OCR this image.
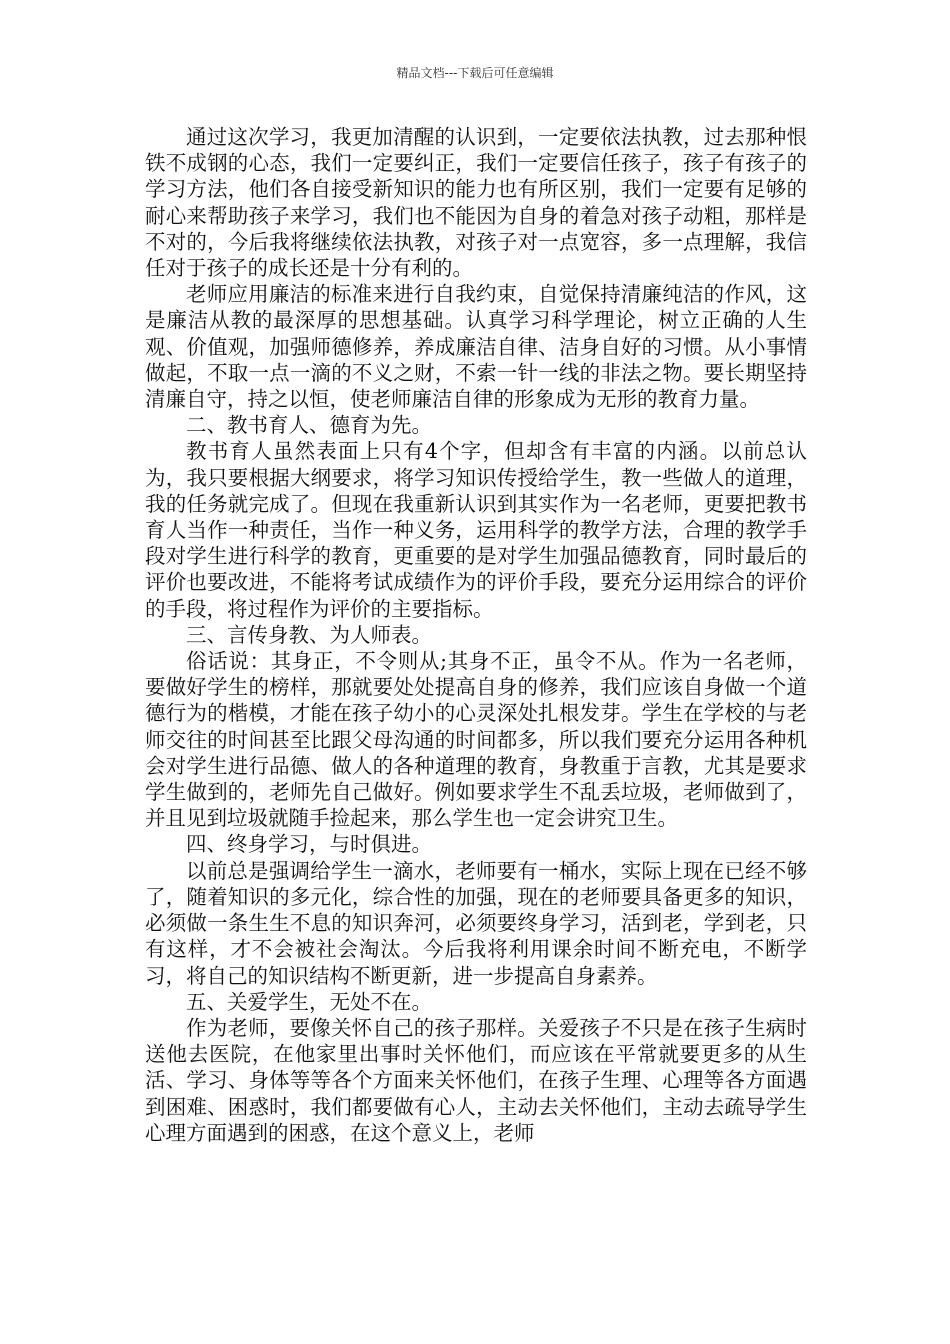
精品文档---下载后可任意编辑

通过这次学习，我更加清醒的认识到，一定要依法执教，过去那种恨铁不成钢的心态，我们一定要纠正，我们一定要信任孩子，孩子有孩子的学习方法，他们各自接受新知识的能力也有所区别，我们一定要有足够的耐心来帮助孩子来学习，我们也不能因为自身的着急对孩子动粗，那样是不对的，今后我将继续依法执教，对孩子对一点宽容，多一点理解，我信任对于孩子的成长还是十分有利的。

老师应用廉洁的标准来进行自我约束，自觉保持清廉纯洁的作风，这是廉洁从教的最深厚的思想基础。认真学习科学理论，树立正确的人生观、价值观，加强师德修养，养成廉洁自律、洁身自好的习惯。从小事情做起，不取一点一滴的不义之财，不索一针一线的非法之物。要长期坚持清廉自守，持之以恒，使老师廉洁自律的形象成为无形的教育力量。

二、教书育人、德育为先。

教书育人虽然表面上只有4个字，但却含有丰富的内涵。以前总认为，我只要根据大纲要求，将学习知识传授给学生，教一些做人的道理，我的任务就完成了。但现在我重新认识到其实作为一名老师，更要把教书育人当作一种责任，当作一种义务，运用科学的教学方法，合理的教学手段对学生进行科学的教育，更重要的是对学生加强品德教育，同时最后的评价也要改进，不能将考试成绩作为的评价手段，要充分运用综合的评价的手段，将过程作为评价的主要指标。

三、言传身教、为人师表。

俗话说：其身正，不令则从;其身不正，虽令不从。作为一名老师，要做好学生的榜样，那就要处处提高自身的修养，我们应该自身做一个道德行为的楷模，才能在孩子幼小的心灵深处扎根发芽。学生在学校的与老师交往的时间甚至比跟父母沟通的时间都多，所以我们要充分运用各种机会对学生进行品德、做人的各种道理的教育，身教重于言教，尤其是要求学生做到的，老师先自己做好。例如要求学生不乱丢垃圾，老师做到了，并且见到垃圾就随手捡起来，那么学生也一定会讲究卫生。

四、终身学习，与时俱进。

以前总是强调给学生一滴水，老师要有一桶水，实际上现在已经不够了，随着知识的多元化，综合性的加强，现在的老师要具备更多的知识，必须做一条生生不息的知识奔河，必须要终身学习，活到老，学到老，只有这样，才不会被社会淘汰。今后我将利用课余时间不断充电，不断学习，将自己的知识结构不断更新，进一步提高自身素养。

五、关爱学生，无处不在。

作为老师，要像关怀自己的孩子那样。关爱孩子不只是在孩子生病时送他去医院，在他家里出事时关怀他们，而应该在平常就要更多的从生活、学习、身体等等各个方面来关怀他们，在孩子生理、心理等各方面遇到困难、困惑时，我们都要做有心人，主动去关怀他们，主动去疏导学生心理方面遇到的困惑，在这个意义上，老师
